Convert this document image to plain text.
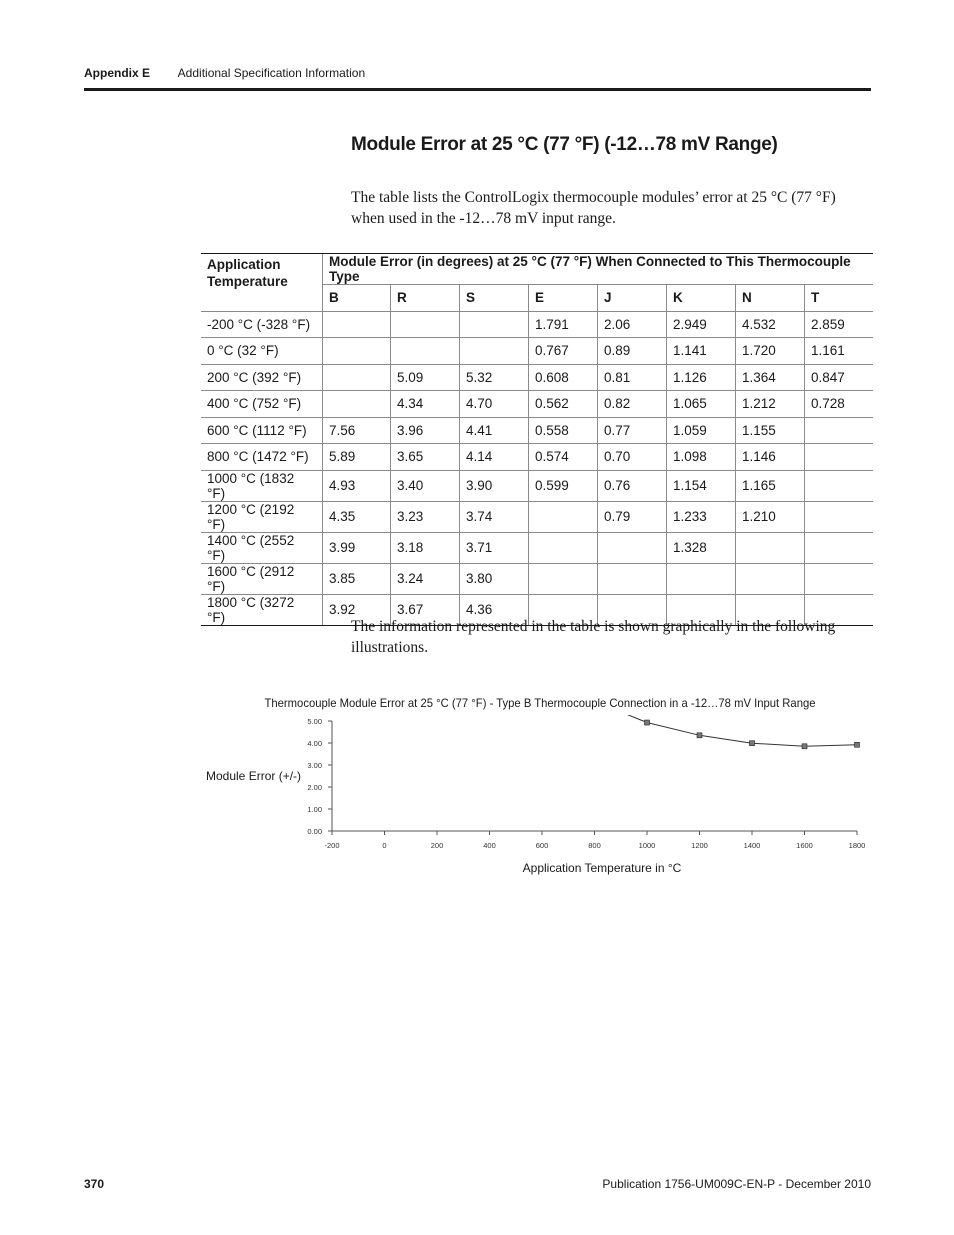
Appendix E Additional Specification Information
Module Error at 25 °C (77 °F) (-12…78 mV Range)

The table lists the ControlLogix thermocouple modules’ error at 25 °C (77 °F) when used in the -12…78 mV input range.

Application Temperature	Module Error (in degrees) at 25 °C (77 °F) When Connected to This Thermocouple Type							
	B	R	S	E	J	K	N	T
-200 °C (-328 °F)				1.791	2.06	2.949	4.532	2.859
0 °C (32 °F)				0.767	0.89	1.141	1.720	1.161
200 °C (392 °F)		5.09	5.32	0.608	0.81	1.126	1.364	0.847
400 °C (752 °F)		4.34	4.70	0.562	0.82	1.065	1.212	0.728
600 °C (1112 °F)	7.56	3.96	4.41	0.558	0.77	1.059	1.155	
800 °C (1472 °F)	5.89	3.65	4.14	0.574	0.70	1.098	1.146	
1000 °C (1832 °F)	4.93	3.40	3.90	0.599	0.76	1.154	1.165	
1200 °C (2192 °F)	4.35	3.23	3.74		0.79	1.233	1.210	
1400 °C (2552 °F)	3.99	3.18	3.71			1.328		
1600 °C (2912 °F)	3.85	3.24	3.80					
1800 °C (3272 °F)	3.92	3.67	4.36					

The information represented in the table is shown graphically in the following illustrations.

Thermocouple Module Error at 25 °C (77 °F) - Type B Thermocouple Connection in a -12…78 mV Input Range
Module Error (+/-)
Application Temperature in °C
0.00
1.00
2.00
3.00
4.00
5.00
-200	0	200	400	600	800	1000	1200	1400	1600	1800
370	Publication 1756-UM009C-EN-P - December 2010
